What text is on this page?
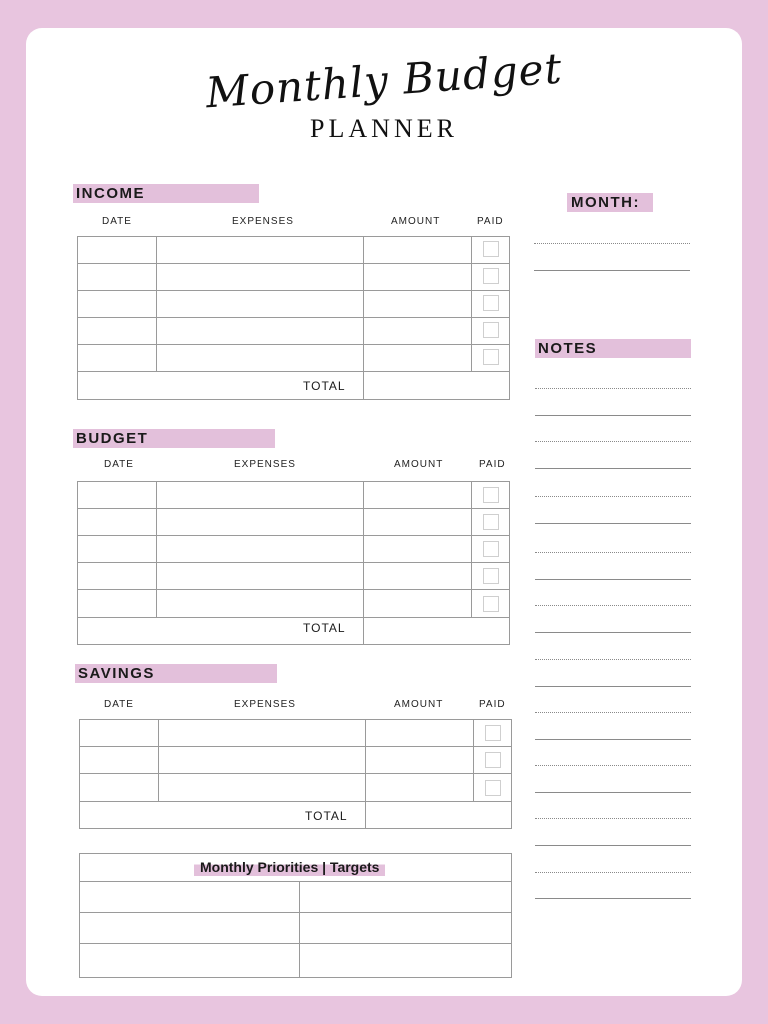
Monthly Budget
PLANNER
INCOME
DATE	EXPENSES	AMOUNT	PAID
TOTAL
BUDGET
DATE	EXPENSES	AMOUNT	PAID
TOTAL
SAVINGS
DATE	EXPENSES	AMOUNT	PAID
TOTAL
Monthly Priorities | Targets
MONTH:
NOTES
